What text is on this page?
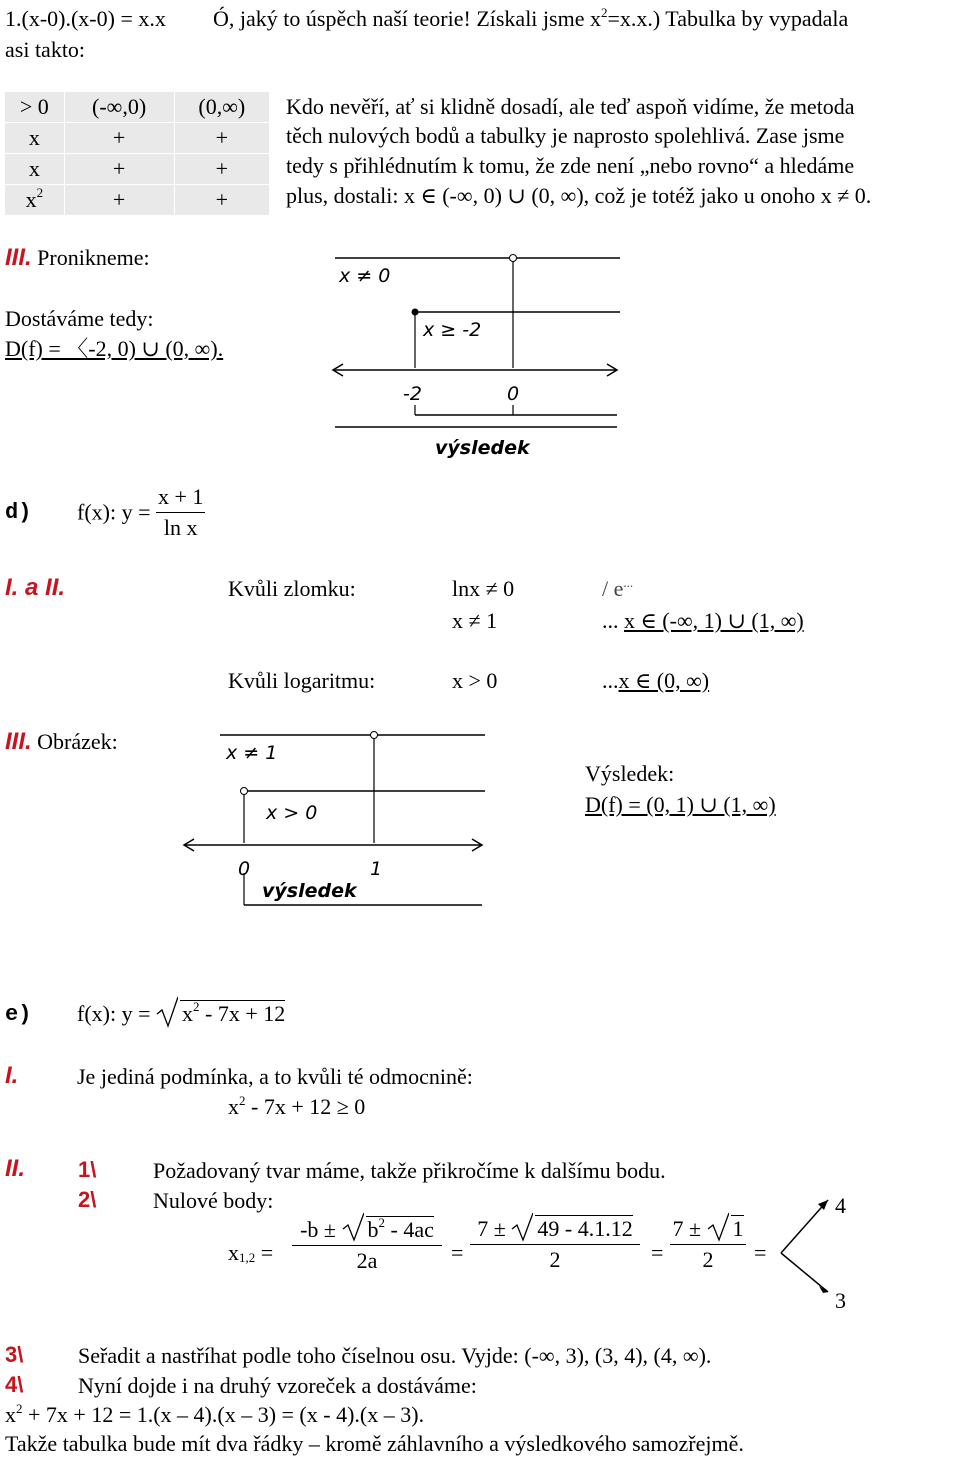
1.(x-0).(x-0) = x.x Ó, jaký to úspěch naší teorie! Získali jsme $x^2=x.x$.) Tabulka by vypadala
asi takto:
> 0	(-∞,0)	(0,∞)
x	+	+
x	+	+
$x^2$	+	+
Kdo nevěří, ať si klidně dosadí, ale teď aspoň vidíme, že metoda
těch nulových bodů a tabulky je naprosto spolehlivá. Zase jsme
tedy s přihlédnutím k tomu, že zde není „nebo rovno“ a hledáme
plus, dostali: x ∈ (-∞, 0) ∪ (0, ∞), což je totéž jako u onoho x ≠ 0.
III. Pronikneme:
Dostáváme tedy:
D(f) = 〈-2, 0) ∪ (0, ∞).
x ≠ 0
x ≥ -2
-2	0
výsledek
d) f(x): $y = \frac{x + 1}{\text{ln x}}$
I. a II.	Kvůli zlomku:	lnx ≠ 0	/ e...
x ≠ 1	... x ∈ (-∞, 1) ∪ (1, ∞)
Kvůli logaritmu:	x > 0	...x ∈ (0, ∞)
III. Obrázek:
Výsledek:
D(f) = (0, 1) ∪ (1, ∞)
x ≠ 1
x > 0
0	1
výsledek
e) f(x): $y = x^2 - 7x + 12$
I.	Je jediná podmínka, a to kvůli té odmocnině:
$x^2 - 7x + 12 \ge 0$
II. 1\	Požadovaný tvar máme, takže přikročíme k dalšímu bodu.
2\	Nulové body:
$x1,2 = \frac{-b \pm b^2 - 4ac}{2a} = \frac{7 \pm 49 - 4.1.12}{2} = \frac{7 \pm 1}{2}$ =
4
3
3\ Seřadit a nastříhat podle toho číselnou osu. Vyjde: (-∞, 3), (3, 4), (4, ∞).
4\ Nyní dojde i na druhý vzoreček a dostáváme:
$x^2 + 7x + 12 = 1.(x - 4).(x - 3) = (x - 4).(x - 3)$.
Takže tabulka bude mít dva řádky – kromě záhlavního a výsledkového samozřejmě.
